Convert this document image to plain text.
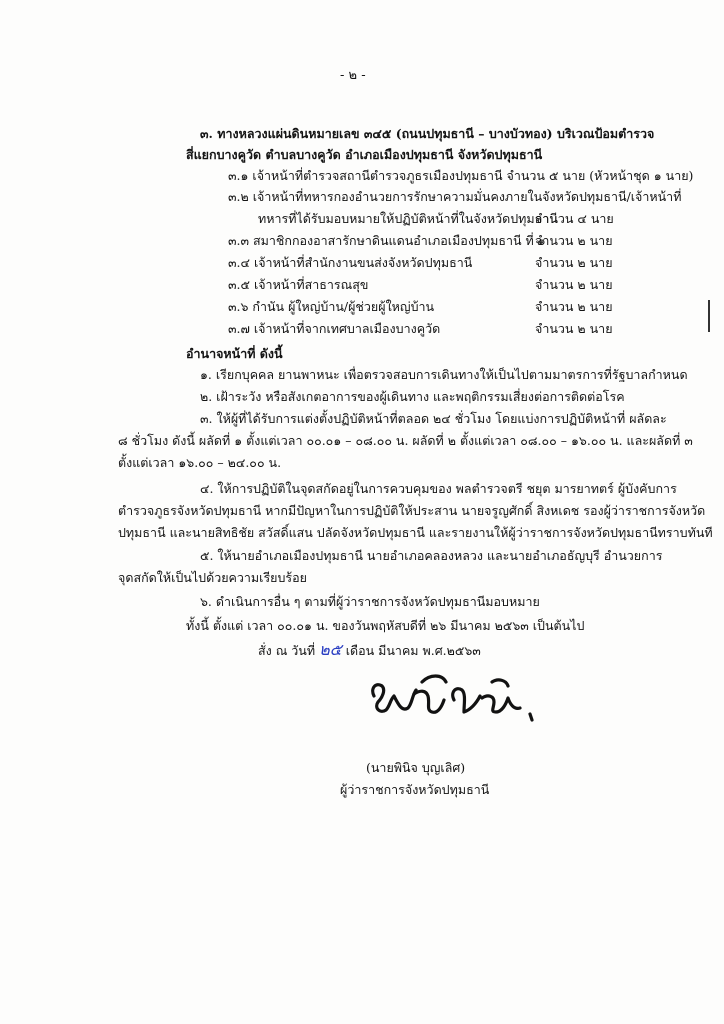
- ๒ -
๓. ทางหลวงแผ่นดินหมายเลข ๓๔๕ (ถนนปทุมธานี – บางบัวทอง) บริเวณป้อมตำรวจ
สี่แยกบางคูวัด ตำบลบางคูวัด อำเภอเมืองปทุมธานี จังหวัดปทุมธานี
๓.๑ เจ้าหน้าที่ตำรวจสถานีตำรวจภูธรเมืองปทุมธานี จำนวน ๕ นาย (หัวหน้าชุด ๑ นาย)
๓.๒ เจ้าหน้าที่ทหารกองอำนวยการรักษาความมั่นคงภายในจังหวัดปทุมธานี/เจ้าหน้าที่
ทหารที่ได้รับมอบหมายให้ปฏิบัติหน้าที่ในจังหวัดปทุมธานี
จำนวน ๔ นาย
๓.๓ สมาชิกกองอาสารักษาดินแดนอำเภอเมืองปทุมธานี ที่ ๑
จำนวน ๒ นาย
๓.๔ เจ้าหน้าที่สำนักงานขนส่งจังหวัดปทุมธานี	จำนวน ๒ นาย
๓.๕ เจ้าหน้าที่สาธารณสุข	จำนวน ๒ นาย
๓.๖ กำนัน ผู้ใหญ่บ้าน/ผู้ช่วยผู้ใหญ่บ้าน	จำนวน ๒ นาย
๓.๗ เจ้าหน้าที่จากเทศบาลเมืองบางคูวัด	จำนวน ๒ นาย
อำนาจหน้าที่ ดังนี้
๑. เรียกบุคคล ยานพาหนะ เพื่อตรวจสอบการเดินทางให้เป็นไปตามมาตรการที่รัฐบาลกำหนด
๒. เฝ้าระวัง หรือสังเกตอาการของผู้เดินทาง และพฤติกรรมเสี่ยงต่อการติดต่อโรค
๓. ให้ผู้ที่ได้รับการแต่งตั้งปฏิบัติหน้าที่ตลอด ๒๔ ชั่วโมง โดยแบ่งการปฏิบัติหน้าที่ ผลัดละ
๘ ชั่วโมง ดังนี้ ผลัดที่ ๑ ตั้งแต่เวลา ๐๐.๐๑ – ๐๘.๐๐ น. ผลัดที่ ๒ ตั้งแต่เวลา ๐๘.๐๐ – ๑๖.๐๐ น. และผลัดที่ ๓
ตั้งแต่เวลา ๑๖.๐๐ – ๒๔.๐๐ น.
๔. ให้การปฏิบัติในจุดสกัดอยู่ในการควบคุมของ พลตำรวจตรี ชยุต มารยาทตร์ ผู้บังคับการ
ตำรวจภูธรจังหวัดปทุมธานี หากมีปัญหาในการปฏิบัติให้ประสาน นายจรูญศักดิ์ สิงหเดช รองผู้ว่าราชการจังหวัด
ปทุมธานี และนายสิทธิชัย สวัสดิ์แสน ปลัดจังหวัดปทุมธานี และรายงานให้ผู้ว่าราชการจังหวัดปทุมธานีทราบทันที
๕. ให้นายอำเภอเมืองปทุมธานี นายอำเภอคลองหลวง และนายอำเภอธัญบุรี อำนวยการ
จุดสกัดให้เป็นไปด้วยความเรียบร้อย
๖. ดำเนินการอื่น ๆ ตามที่ผู้ว่าราชการจังหวัดปทุมธานีมอบหมาย
ทั้งนี้ ตั้งแต่ เวลา ๐๐.๐๑ น. ของวันพฤหัสบดีที่ ๒๖ มีนาคม ๒๕๖๓ เป็นต้นไป
สั่ง ณ วันที่ ๒๕ เดือน มีนาคม พ.ศ.๒๕๖๓
(นายพินิจ บุญเลิศ)
ผู้ว่าราชการจังหวัดปทุมธานี
